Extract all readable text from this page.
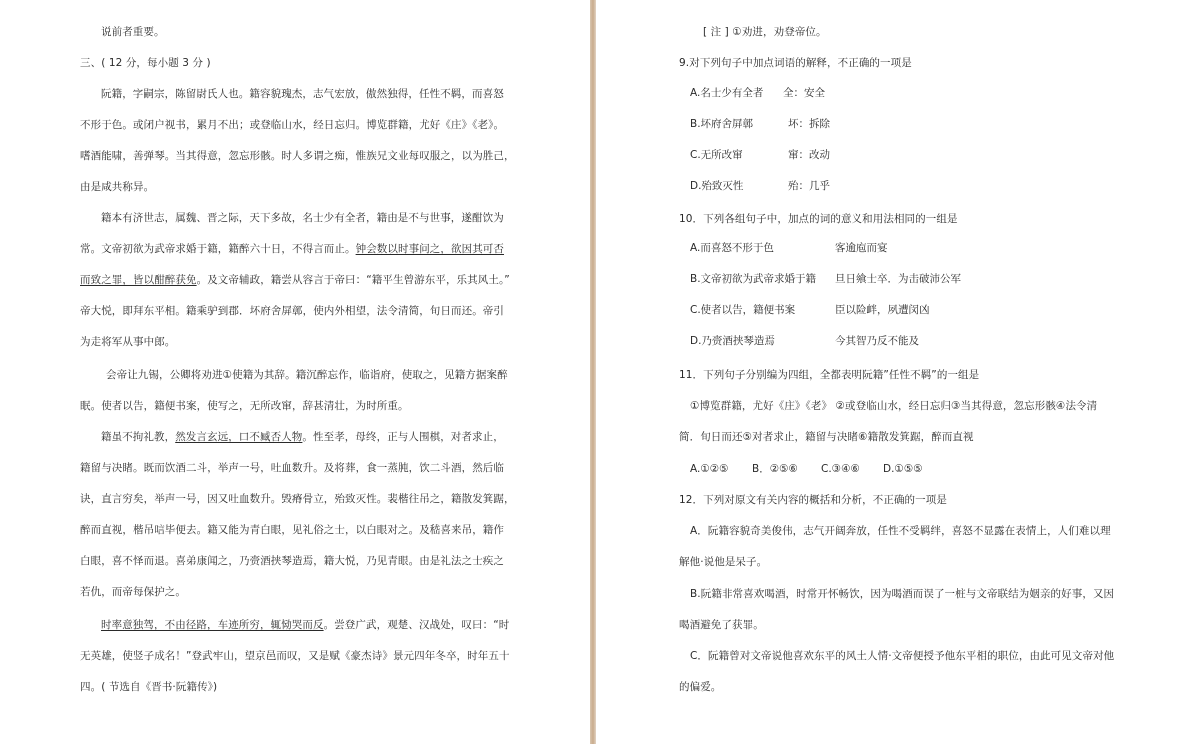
说前者重要。
三、( 12 分，每小题 3 分 )
阮籍，字嗣宗，陈留尉氏人也。籍容貌瑰杰，志气宏放，傲然独得，任性不羁，而喜怒
不形于色。或闭户视书，累月不出；或登临山水，经日忘归。博览群籍，尤好《庄》《老》。
嗜酒能啸，善弹琴。当其得意，忽忘形骸。时人多谓之痴，惟族兄文业每叹服之，以为胜己，
由是咸共称异。
籍本有济世志，属魏、晋之际，天下多故，名士少有全者，籍由是不与世事，遂酣饮为
常。文帝初欲为武帝求婚于籍，籍醉六十日，不得言而止。钟会数以时事问之，欲因其可否
而致之罪，皆以酣醉获免。及文帝辅政，籍尝从容言于帝曰：“籍平生曾游东平，乐其风土。”
帝大悦，即拜东平相。籍乘驴到郡．坏府舍屏鄣，使内外相望，法令清简，旬日而还。帝引
为走将军从事中郎。
会帝让九锡，公卿将劝进①使籍为其辞。籍沉醉忘作，临诣府，使取之，见籍方据案醉
眠。使者以告，籍便书案，使写之，无所改窜，辞甚清壮，为时所重。
籍虽不拘礼教，然发言玄远，口不臧否人物。性至孝，母终，正与人围棋，对者求止，
籍留与决睹。既而饮酒二斗，举声一号，吐血数升。及将葬，食一蒸肫，饮二斗酒，然后临
诀，直言穷矣，举声一号，因又吐血数升。毁瘠骨立，殆致灭性。裴楷往吊之，籍散发箕踞，
醉而直视，楷吊唁毕便去。籍又能为青白眼，见礼俗之士，以白眼对之。及嵇喜来吊，籍作
白眼，喜不怿而退。喜弟康闻之，乃赍酒挟琴造焉，籍大悦，乃见青眼。由是礼法之士疾之
若仇，而帝每保护之。
时率意独驾，不由径路，车迹所穷，辄恸哭而反。尝登广武，观楚、汉战处，叹曰：“时
无英雄，使竖子成名！”登武牢山，望京邑而叹，又是赋《豪杰诗》景元四年冬卒，时年五十
四。( 节选自《晋书·阮籍传》)
[ 注 ] ①劝进，劝登帝位。
9.对下列句子中加点词语的解释，不正确的一项是
A.名士少有全者 全：安全
B.坏府舍屏鄣	坏：拆除
C.无所改窜	窜：改动
D.殆致灭性	殆：几乎
10．下列各组句子中，加点的词的意义和用法相同的一组是
A.而喜怒不形于色	客逾庖而宴
B.文帝初欲为武帝求婚于籍 旦日飨士卒．为击破沛公军
C.使者以告，籍便书案	臣以险衅，夙遭闵凶
D.乃赍酒挟琴造焉	今其智乃反不能及
11．下列句子分别编为四组，全都表明阮籍”任性不羁”的一组是
①博览群籍，尤好《庄》《老》 ②或登临山水，经日忘归③当其得意，忽忘形骸④法令清
简．旬日而还⑤对者求止，籍留与决睹⑥籍散发箕踞，醉而直视
A.①②⑤ B．②⑤⑥ C.③④⑥ D.①⑤⑤
12．下列对原文有关内容的概括和分析，不正确的一项是
A．阮籍容貌奇美俊伟，志气开阔奔放，任性不受羁绊，喜怒不显露在表情上，人们难以理
解他·说他是呆子。
B.阮籍非常喜欢喝酒，时常开怀畅饮，因为喝酒而误了一桩与文帝联结为姻亲的好事，又因
喝酒避免了获罪。
C．阮籍曾对文帝说他喜欢东平的风土人情·文帝便授予他东平相的职位，由此可见文帝对他
的偏爱。
